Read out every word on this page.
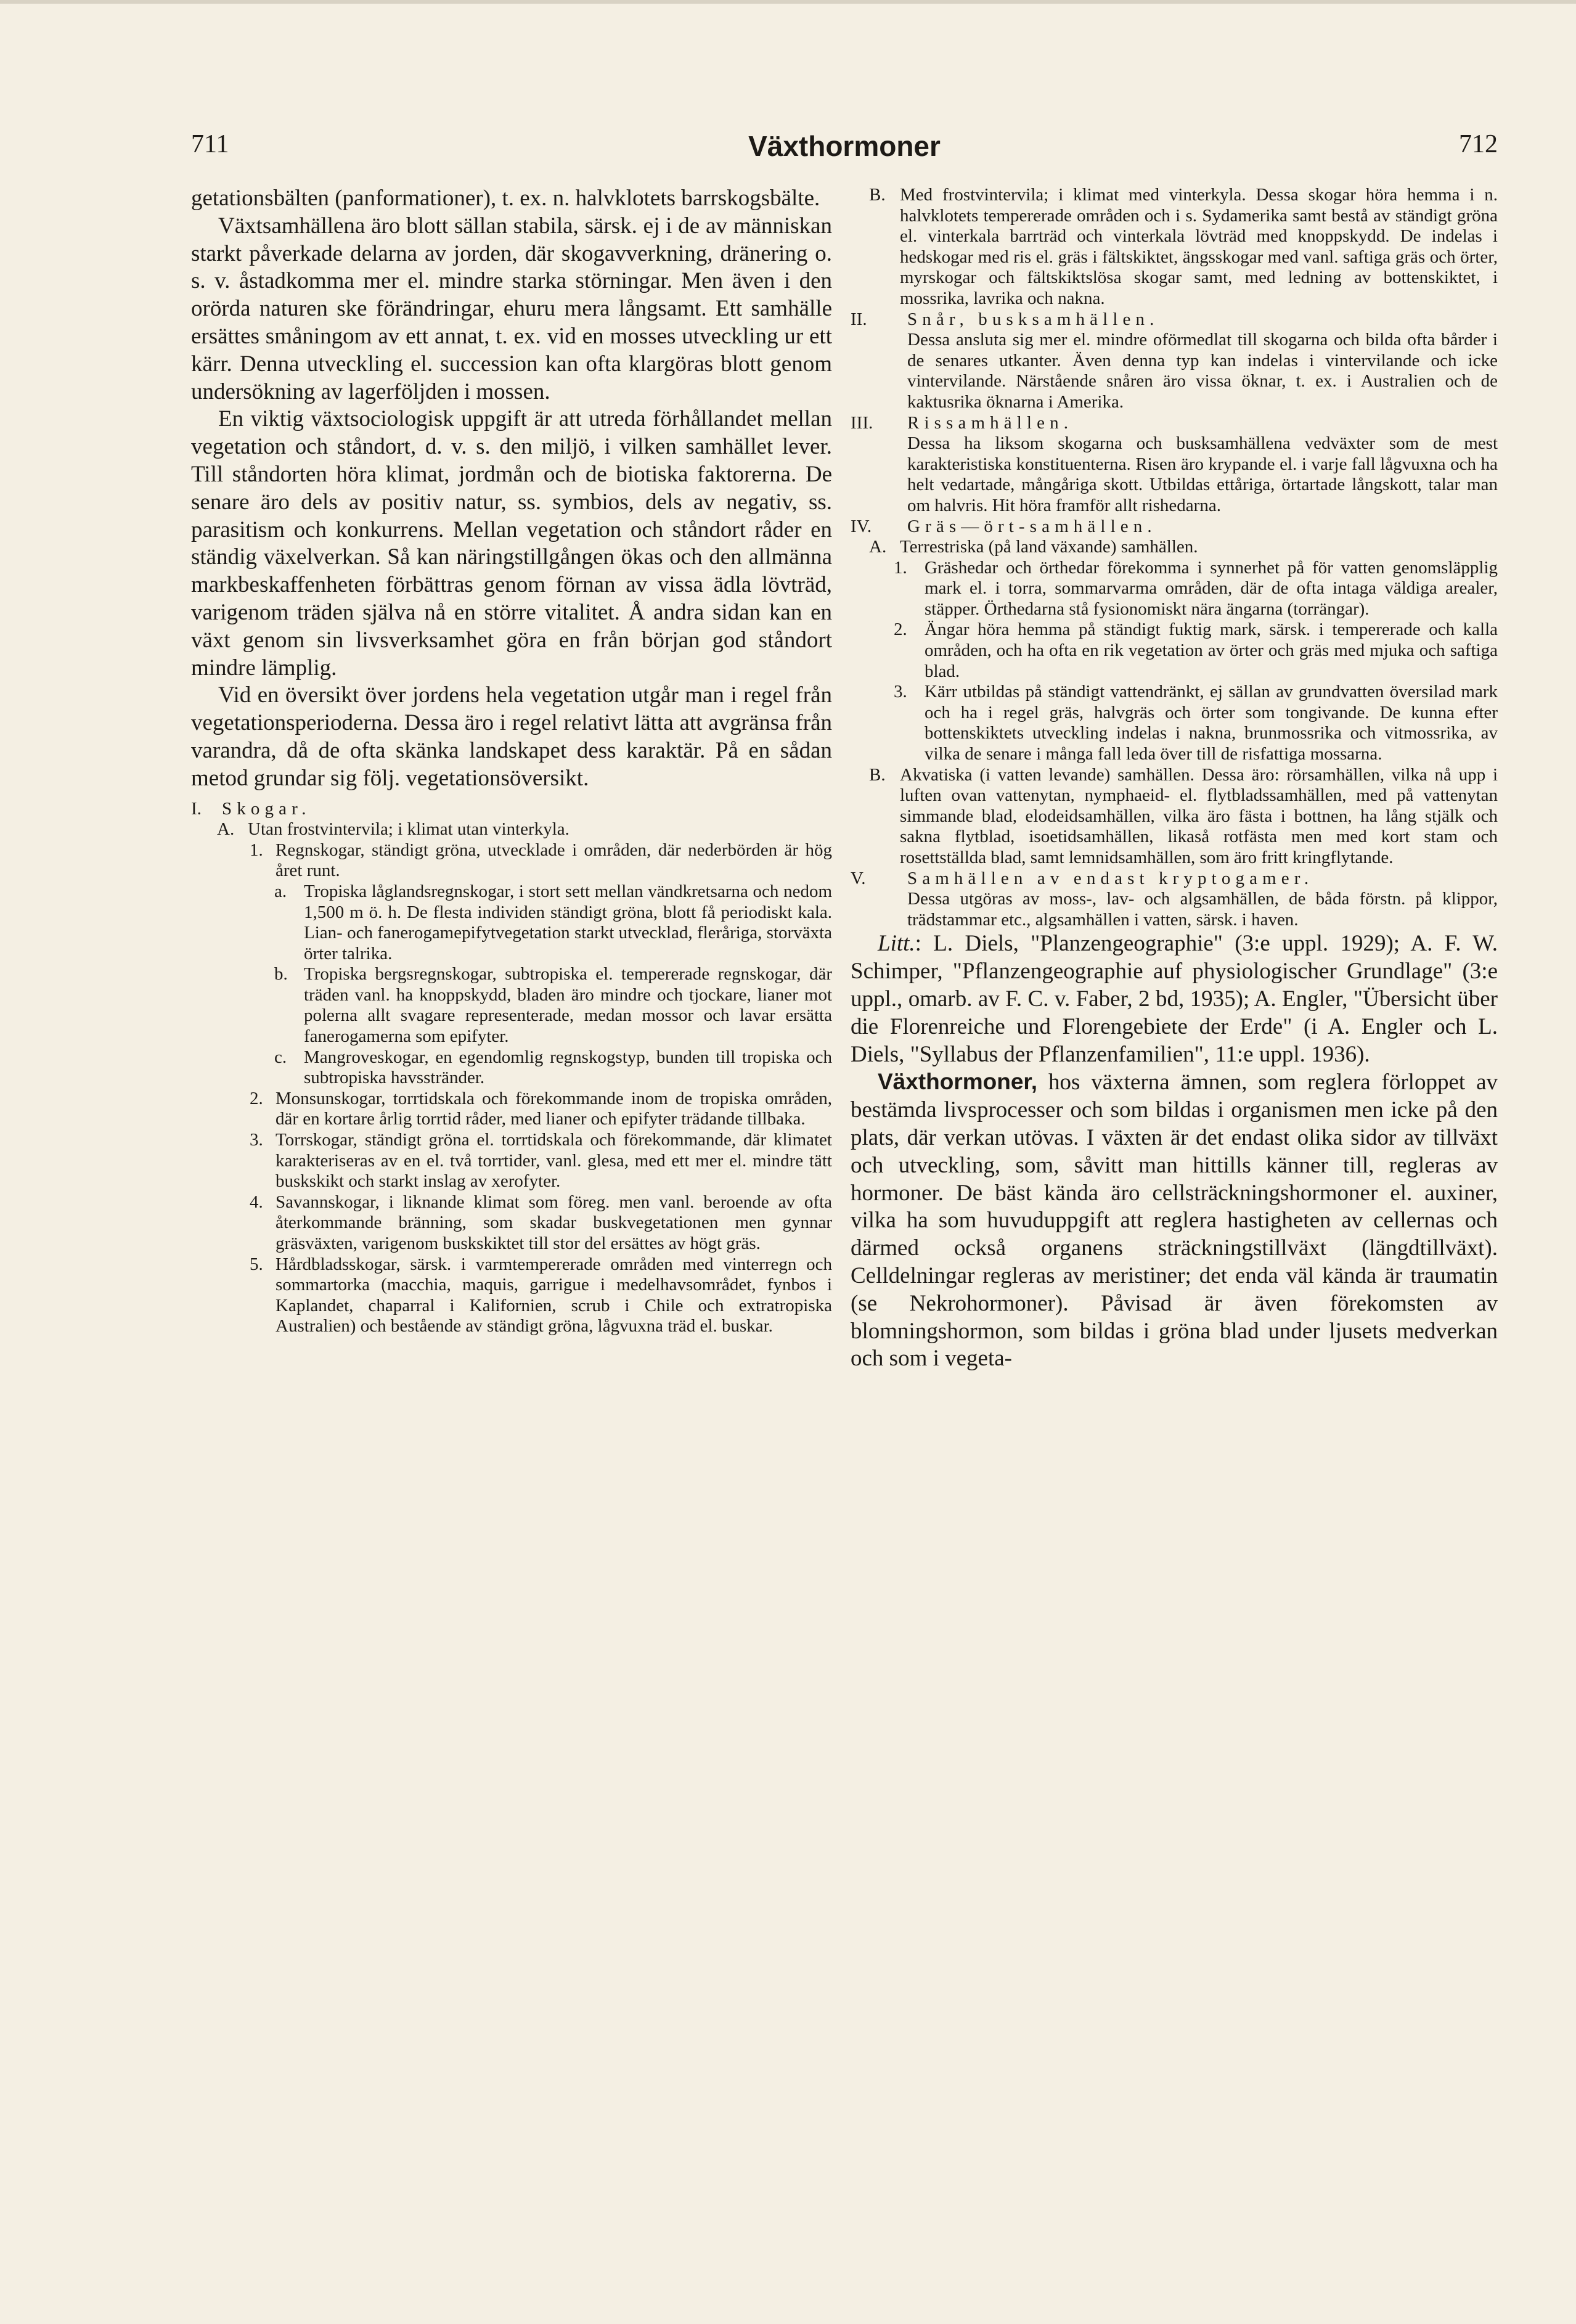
711	Växthormoner	712

getationsbälten (panformationer), t. ex. n. halvklotets barrskogsbälte.

Växtsamhällena äro blott sällan stabila, särsk. ej i de av människan starkt påverkade delarna av jorden, där skogavverkning, dränering o. s. v. åstadkomma mer el. mindre starka störningar. Men även i den orörda naturen ske förändringar, ehuru mera långsamt. Ett samhälle ersättes småningom av ett annat, t. ex. vid en mosses utveckling ur ett kärr. Denna utveckling el. succession kan ofta klargöras blott genom undersökning av lagerföljden i mossen.

En viktig växtsociologisk uppgift är att utreda förhållandet mellan vegetation och ståndort, d. v. s. den miljö, i vilken samhället lever. Till ståndorten höra klimat, jordmån och de biotiska faktorerna. De senare äro dels av positiv natur, ss. symbios, dels av negativ, ss. parasitism och konkurrens. Mellan vegetation och ståndort råder en ständig växelverkan. Så kan näringstillgången ökas och den allmänna markbeskaffenheten förbättras genom förnan av vissa ädla lövträd, varigenom träden själva nå en större vitalitet. Å andra sidan kan en växt genom sin livsverksamhet göra en från början god ståndort mindre lämplig.

Vid en översikt över jordens hela vegetation utgår man i regel från vegetationsperioderna. Dessa äro i regel relativt lätta att avgränsa från varandra, då de ofta skänka landskapet dess karaktär. På en sådan metod grundar sig följ. vegetationsöversikt.

I.	Skogar.
A. Utan frostvintervila; i klimat utan vinterkyla.
1. Regnskogar, ständigt gröna, utvecklade i områden, där nederbörden är hög året runt.
a. Tropiska låglandsregnskogar, i stort sett mellan vändkretsarna och nedom 1,500 m ö. h. De flesta individen ständigt gröna, blott få periodiskt kala. Lian- och fanerogamepifytvegetation starkt utvecklad, fleråriga, storväxta örter talrika.
b. Tropiska bergsregnskogar, subtropiska el. tempererade regnskogar, där träden vanl. ha knoppskydd, bladen äro mindre och tjockare, lianer mot polerna allt svagare representerade, medan mossor och lavar ersätta fanerogamerna som epifyter.
c. Mangroveskogar, en egendomlig regnskogstyp, bunden till tropiska och subtropiska havsstränder.
2. Monsunskogar, torrtidskala och förekommande inom de tropiska områden, där en kortare årlig torrtid råder, med lianer och epifyter trädande tillbaka.
3. Torrskogar, ständigt gröna el. torrtidskala och förekommande, där klimatet karakteriseras av en el. två torrtider, vanl. glesa, med ett mer el. mindre tätt buskskikt och starkt inslag av xerofyter.
4. Savannskogar, i liknande klimat som föreg. men vanl. beroende av ofta återkommande bränning, som skadar buskvegetationen men gynnar gräsväxten, varigenom buskskiktet till stor del ersättes av högt gräs.
5. Hårdbladsskogar, särsk. i varmtempererade områden med vinterregn och sommartorka (macchia, maquis, garrigue i medelhavsområdet, fynbos i Kaplandet, chaparral i Kalifornien, scrub i Chile och extratropiska Australien) och bestående av ständigt gröna, lågvuxna träd el. buskar.
B. Med frostvintervila; i klimat med vinterkyla. Dessa skogar höra hemma i n. halvklotets tempererade områden och i s. Sydamerika samt bestå av ständigt gröna el. vinterkala barrträd och vinterkala lövträd med knoppskydd. De indelas i hedskogar med ris el. gräs i fältskiktet, ängsskogar med vanl. saftiga gräs och örter, myrskogar och fältskiktslösa skogar samt, med ledning av bottenskiktet, i mossrika, lavrika och nakna.
II.	Snår, busksamhällen.
Dessa ansluta sig mer el. mindre oförmedlat till skogarna och bilda ofta bårder i de senares utkanter. Även denna typ kan indelas i vintervilande och icke vintervilande. Närstående snåren äro vissa öknar, t. ex. i Australien och de kaktusrika öknarna i Amerika.
III.	Rissamhällen.
Dessa ha liksom skogarna och busksamhällena vedväxter som de mest karakteristiska konstituenterna. Risen äro krypande el. i varje fall lågvuxna och ha helt vedartade, mångåriga skott. Utbildas ettåriga, örtartade långskott, talar man om halvris. Hit höra framför allt rishedarna.
IV.	Gräs—ört-samhällen.
A. Terrestriska (på land växande) samhällen.
1. Gräshedar och örthedar förekomma i synnerhet på för vatten genomsläpplig mark el. i torra, sommarvarma områden, där de ofta intaga väldiga arealer, stäpper. Örthedarna stå fysionomiskt nära ängarna (torrängar).
2. Ängar höra hemma på ständigt fuktig mark, särsk. i tempererade och kalla områden, och ha ofta en rik vegetation av örter och gräs med mjuka och saftiga blad.
3. Kärr utbildas på ständigt vattendränkt, ej sällan av grundvatten översilad mark och ha i regel gräs, halvgräs och örter som tongivande. De kunna efter bottenskiktets utveckling indelas i nakna, brunmossrika och vitmossrika, av vilka de senare i många fall leda över till de risfattiga mossarna.
B. Akvatiska (i vatten levande) samhällen. Dessa äro: rörsamhällen, vilka nå upp i luften ovan vattenytan, nymphaeid- el. flytbladssamhällen, med på vattenytan simmande blad, elodeidsamhällen, vilka äro fästa i bottnen, ha lång stjälk och sakna flytblad, isoetidsamhällen, likaså rotfästa men med kort stam och rosettställda blad, samt lemnidsamhällen, som äro fritt kringflytande.
V.	Samhällen av endast kryptogamer.
Dessa utgöras av moss-, lav- och algsamhällen, de båda förstn. på klippor, trädstammar etc., algsamhällen i vatten, särsk. i haven.

Litt.: L. Diels, "Planzengeographie" (3:e uppl. 1929); A. F. W. Schimper, "Pflanzengeographie auf physiologischer Grundlage" (3:e uppl., omarb. av F. C. v. Faber, 2 bd, 1935); A. Engler, "Übersicht über die Florenreiche und Florengebiete der Erde" (i A. Engler och L. Diels, "Syllabus der Pflanzenfamilien", 11:e uppl. 1936).

Växthormoner, hos växterna ämnen, som reglera förloppet av bestämda livsprocesser och som bildas i organismen men icke på den plats, där verkan utövas. I växten är det endast olika sidor av tillväxt och utveckling, som, såvitt man hittills känner till, regleras av hormoner. De bäst kända äro cellsträckningshormoner el. auxiner, vilka ha som huvuduppgift att reglera hastigheten av cellernas och därmed också organens sträckningstillväxt (längdtillväxt). Celldelningar regleras av meristiner; det enda väl kända är traumatin (se Nekrohormoner). Påvisad är även förekomsten av blomningshormon, som bildas i gröna blad under ljusets medverkan och som i vegeta-
